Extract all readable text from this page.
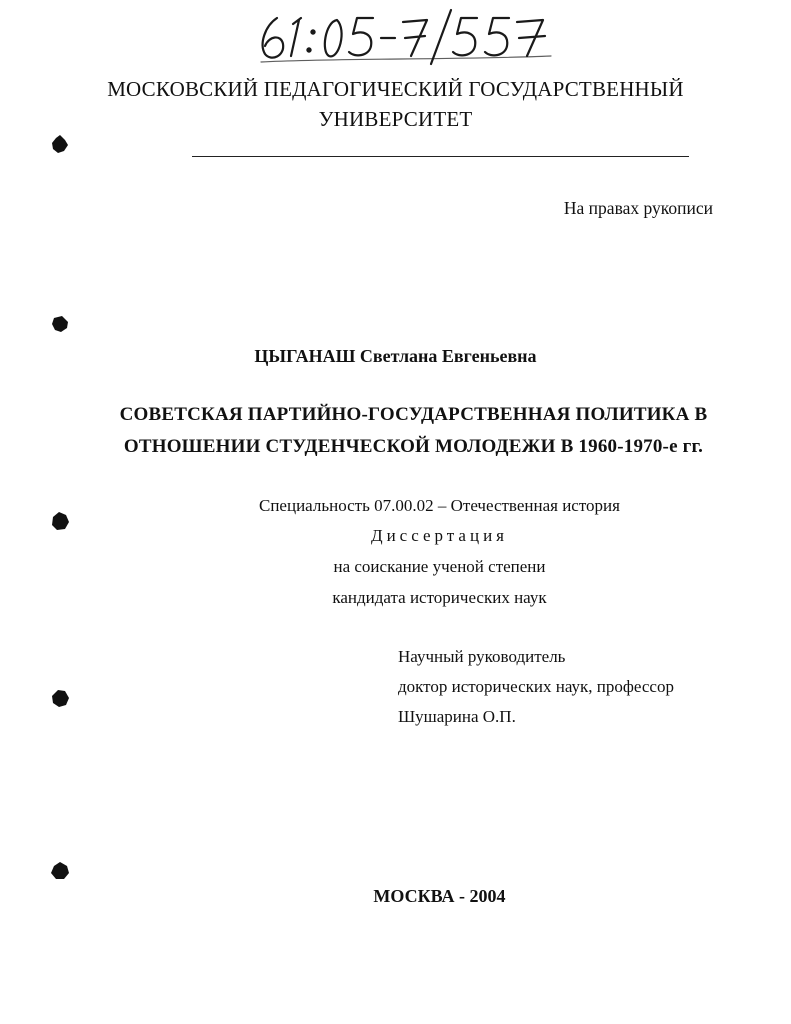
МОСКОВСКИЙ ПЕДАГОГИЧЕСКИЙ ГОСУДАРСТВЕННЫЙ
УНИВЕРСИТЕТ
На правах рукописи
ЦЫГАНАШ Светлана Евгеньевна
СОВЕТСКАЯ ПАРТИЙНО-ГОСУДАРСТВЕННАЯ ПОЛИТИКА В
ОТНОШЕНИИ СТУДЕНЧЕСКОЙ МОЛОДЕЖИ В 1960-1970-е гг.
Специальность 07.00.02 – Отечественная история
Диссертация
на соискание ученой степени
кандидата исторических наук
Научный руководитель
доктор исторических наук, профессор
Шушарина О.П.
МОСКВА - 2004
